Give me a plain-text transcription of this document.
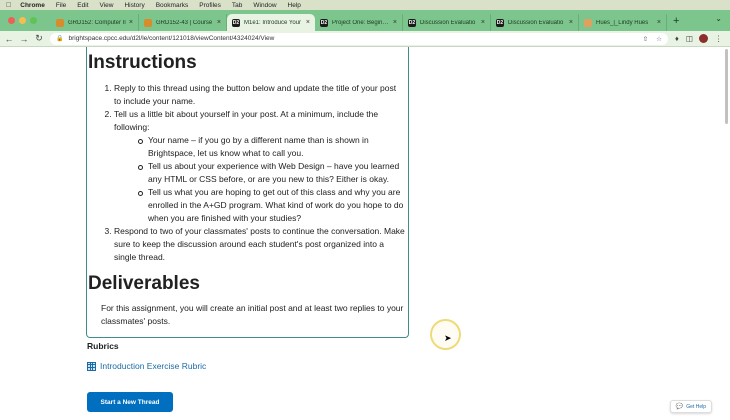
Chrome File Edit View History Bookmarks Profiles Tab Window Help
GRD152: Computer Il ×	GRD152-43 | Course × D2 M1e1: Introduce Your × D2 Project One: Begin Pr	× D2 Discussion Evaluatio × D2 Discussion Evaluatio ×	Hues_|_Lindy Hues	× +	⌄
← → ↻	🔒 brightspace.cpcc.edu/d2l/le/content/121018/viewContent/4324024/View	⇧ ☆ ♦ ◫	⋮
Instructions
1. Reply to this thread using the button below and update the title of your post to include your name.
2. Tell us a little bit about yourself in your post. At a minimum, include the following:
Your name – if you go by a different name than is shown in Brightspace, let us know what to call you.
Tell us about your experience with Web Design – have you learned any HTML or CSS before, or are you new to this? Either is okay.
Tell us what you are hoping to get out of this class and why you are enrolled in the A+GD program. What kind of work do you hope to do when you are finished with your studies?
3. Respond to two of your classmates' posts to continue the conversation. Make sure to keep the discussion around each student's post organized into a single thread.
Deliverables
For this assignment, you will create an initial post and at least two replies to your classmates' posts.
Rubrics
Introduction Exercise Rubric
Start a New Thread
💬 Get Help
➤
